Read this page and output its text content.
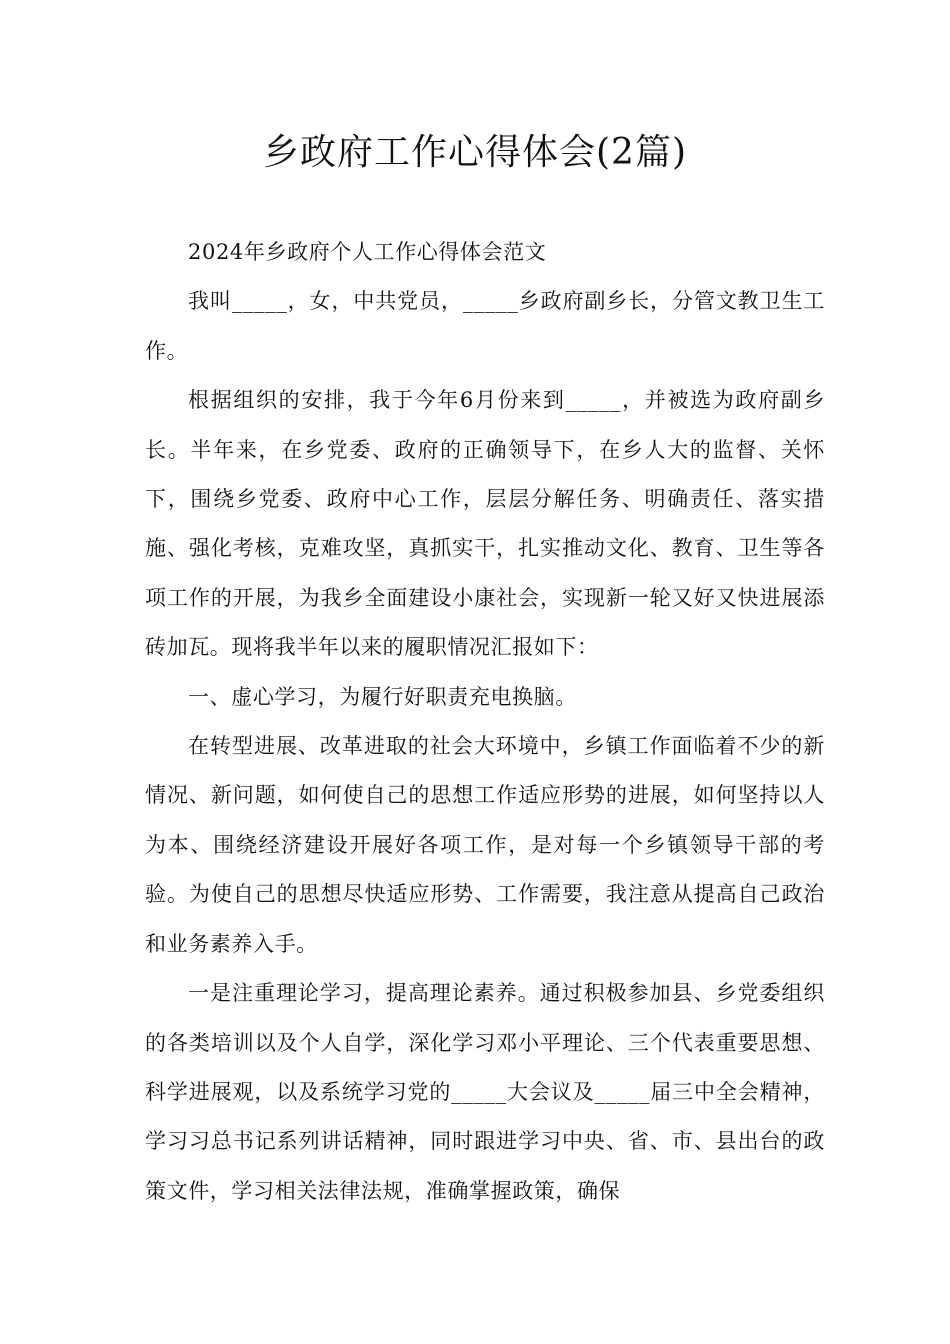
乡政府工作心得体会(2篇)

2024年乡政府个人工作心得体会范文

我叫_____，女，中共党员，_____乡政府副乡长，分管文教卫生工作。

根据组织的安排，我于今年6月份来到_____，并被选为政府副乡长。半年来，在乡党委、政府的正确领导下，在乡人大的监督、关怀下，围绕乡党委、政府中心工作，层层分解任务、明确责任、落实措施、强化考核，克难攻坚，真抓实干，扎实推动文化、教育、卫生等各项工作的开展，为我乡全面建设小康社会，实现新一轮又好又快进展添砖加瓦。现将我半年以来的履职情况汇报如下：

一、虚心学习，为履行好职责充电换脑。

在转型进展、改革进取的社会大环境中，乡镇工作面临着不少的新情况、新问题，如何使自己的思想工作适应形势的进展，如何坚持以人为本、围绕经济建设开展好各项工作，是对每一个乡镇领导干部的考验。为使自己的思想尽快适应形势、工作需要，我注意从提高自己政治和业务素养入手。

一是注重理论学习，提高理论素养。通过积极参加县、乡党委组织的各类培训以及个人自学，深化学习邓小平理论、三个代表重要思想、科学进展观，以及系统学习党的_____大会议及_____届三中全会精神，学习习总书记系列讲话精神，同时跟进学习中央、省、市、县出台的政策文件，学习相关法律法规，准确掌握政策，确保
